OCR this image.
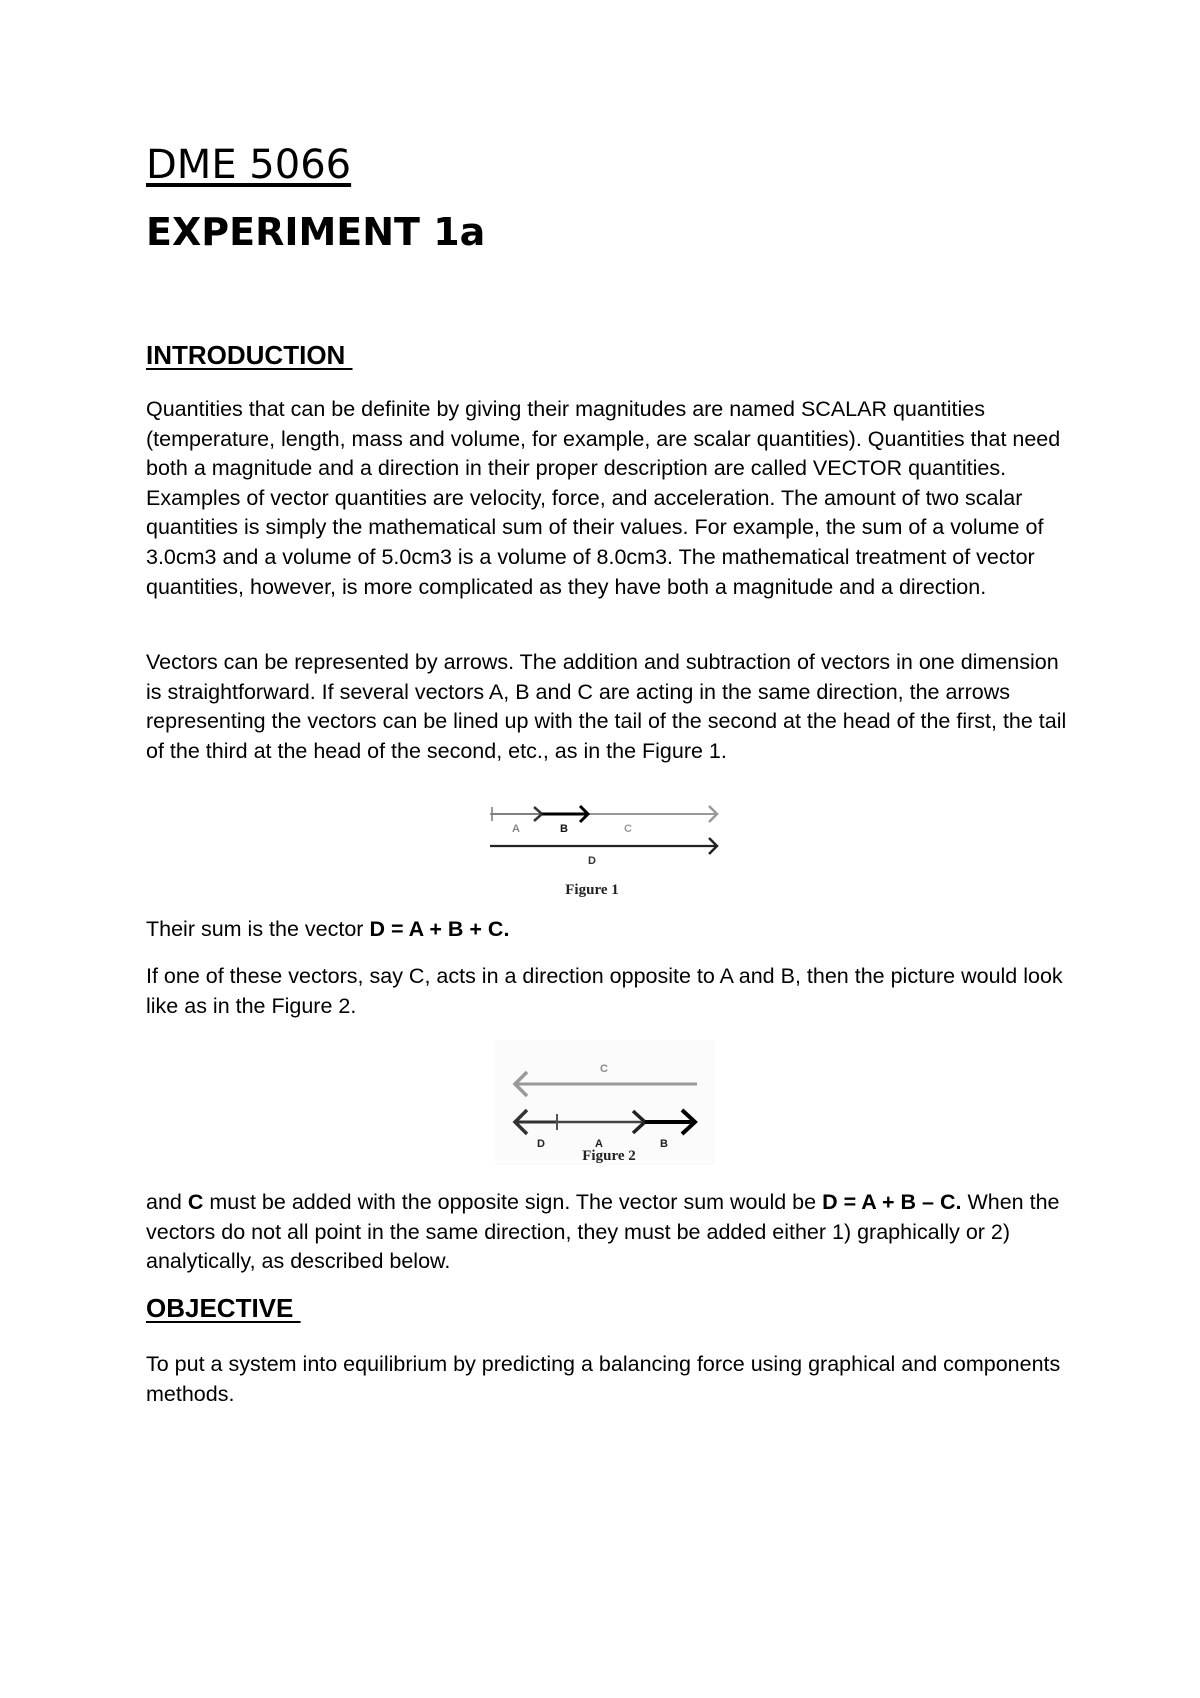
DME 5066
EXPERIMENT 1a
INTRODUCTION

Quantities that can be definite by giving their magnitudes are named SCALAR quantities (temperature, length, mass and volume, for example, are scalar quantities). Quantities that need both a magnitude and a direction in their proper description are called VECTOR quantities. Examples of vector quantities are velocity, force, and acceleration. The amount of two scalar quantities is simply the mathematical sum of their values. For example, the sum of a volume of 3.0cm3 and a volume of 5.0cm3 is a volume of 8.0cm3. The mathematical treatment of vector quantities, however, is more complicated as they have both a magnitude and a direction.

Vectors can be represented by arrows. The addition and subtraction of vectors in one dimension is straightforward. If several vectors A, B and C are acting in the same direction, the arrows representing the vectors can be lined up with the tail of the second at the head of the first, the tail of the third at the head of the second, etc., as in the Figure 1.

A	B	C
D
Figure 1

Their sum is the vector D = A + B + C.

If one of these vectors, say C, acts in a direction opposite to A and B, then the picture would look like as in the Figure 2.

C
D	A	B
Figure 2

and C must be added with the opposite sign. The vector sum would be D = A + B – C. When the vectors do not all point in the same direction, they must be added either 1) graphically or 2) analytically, as described below.

OBJECTIVE

To put a system into equilibrium by predicting a balancing force using graphical and components methods.
